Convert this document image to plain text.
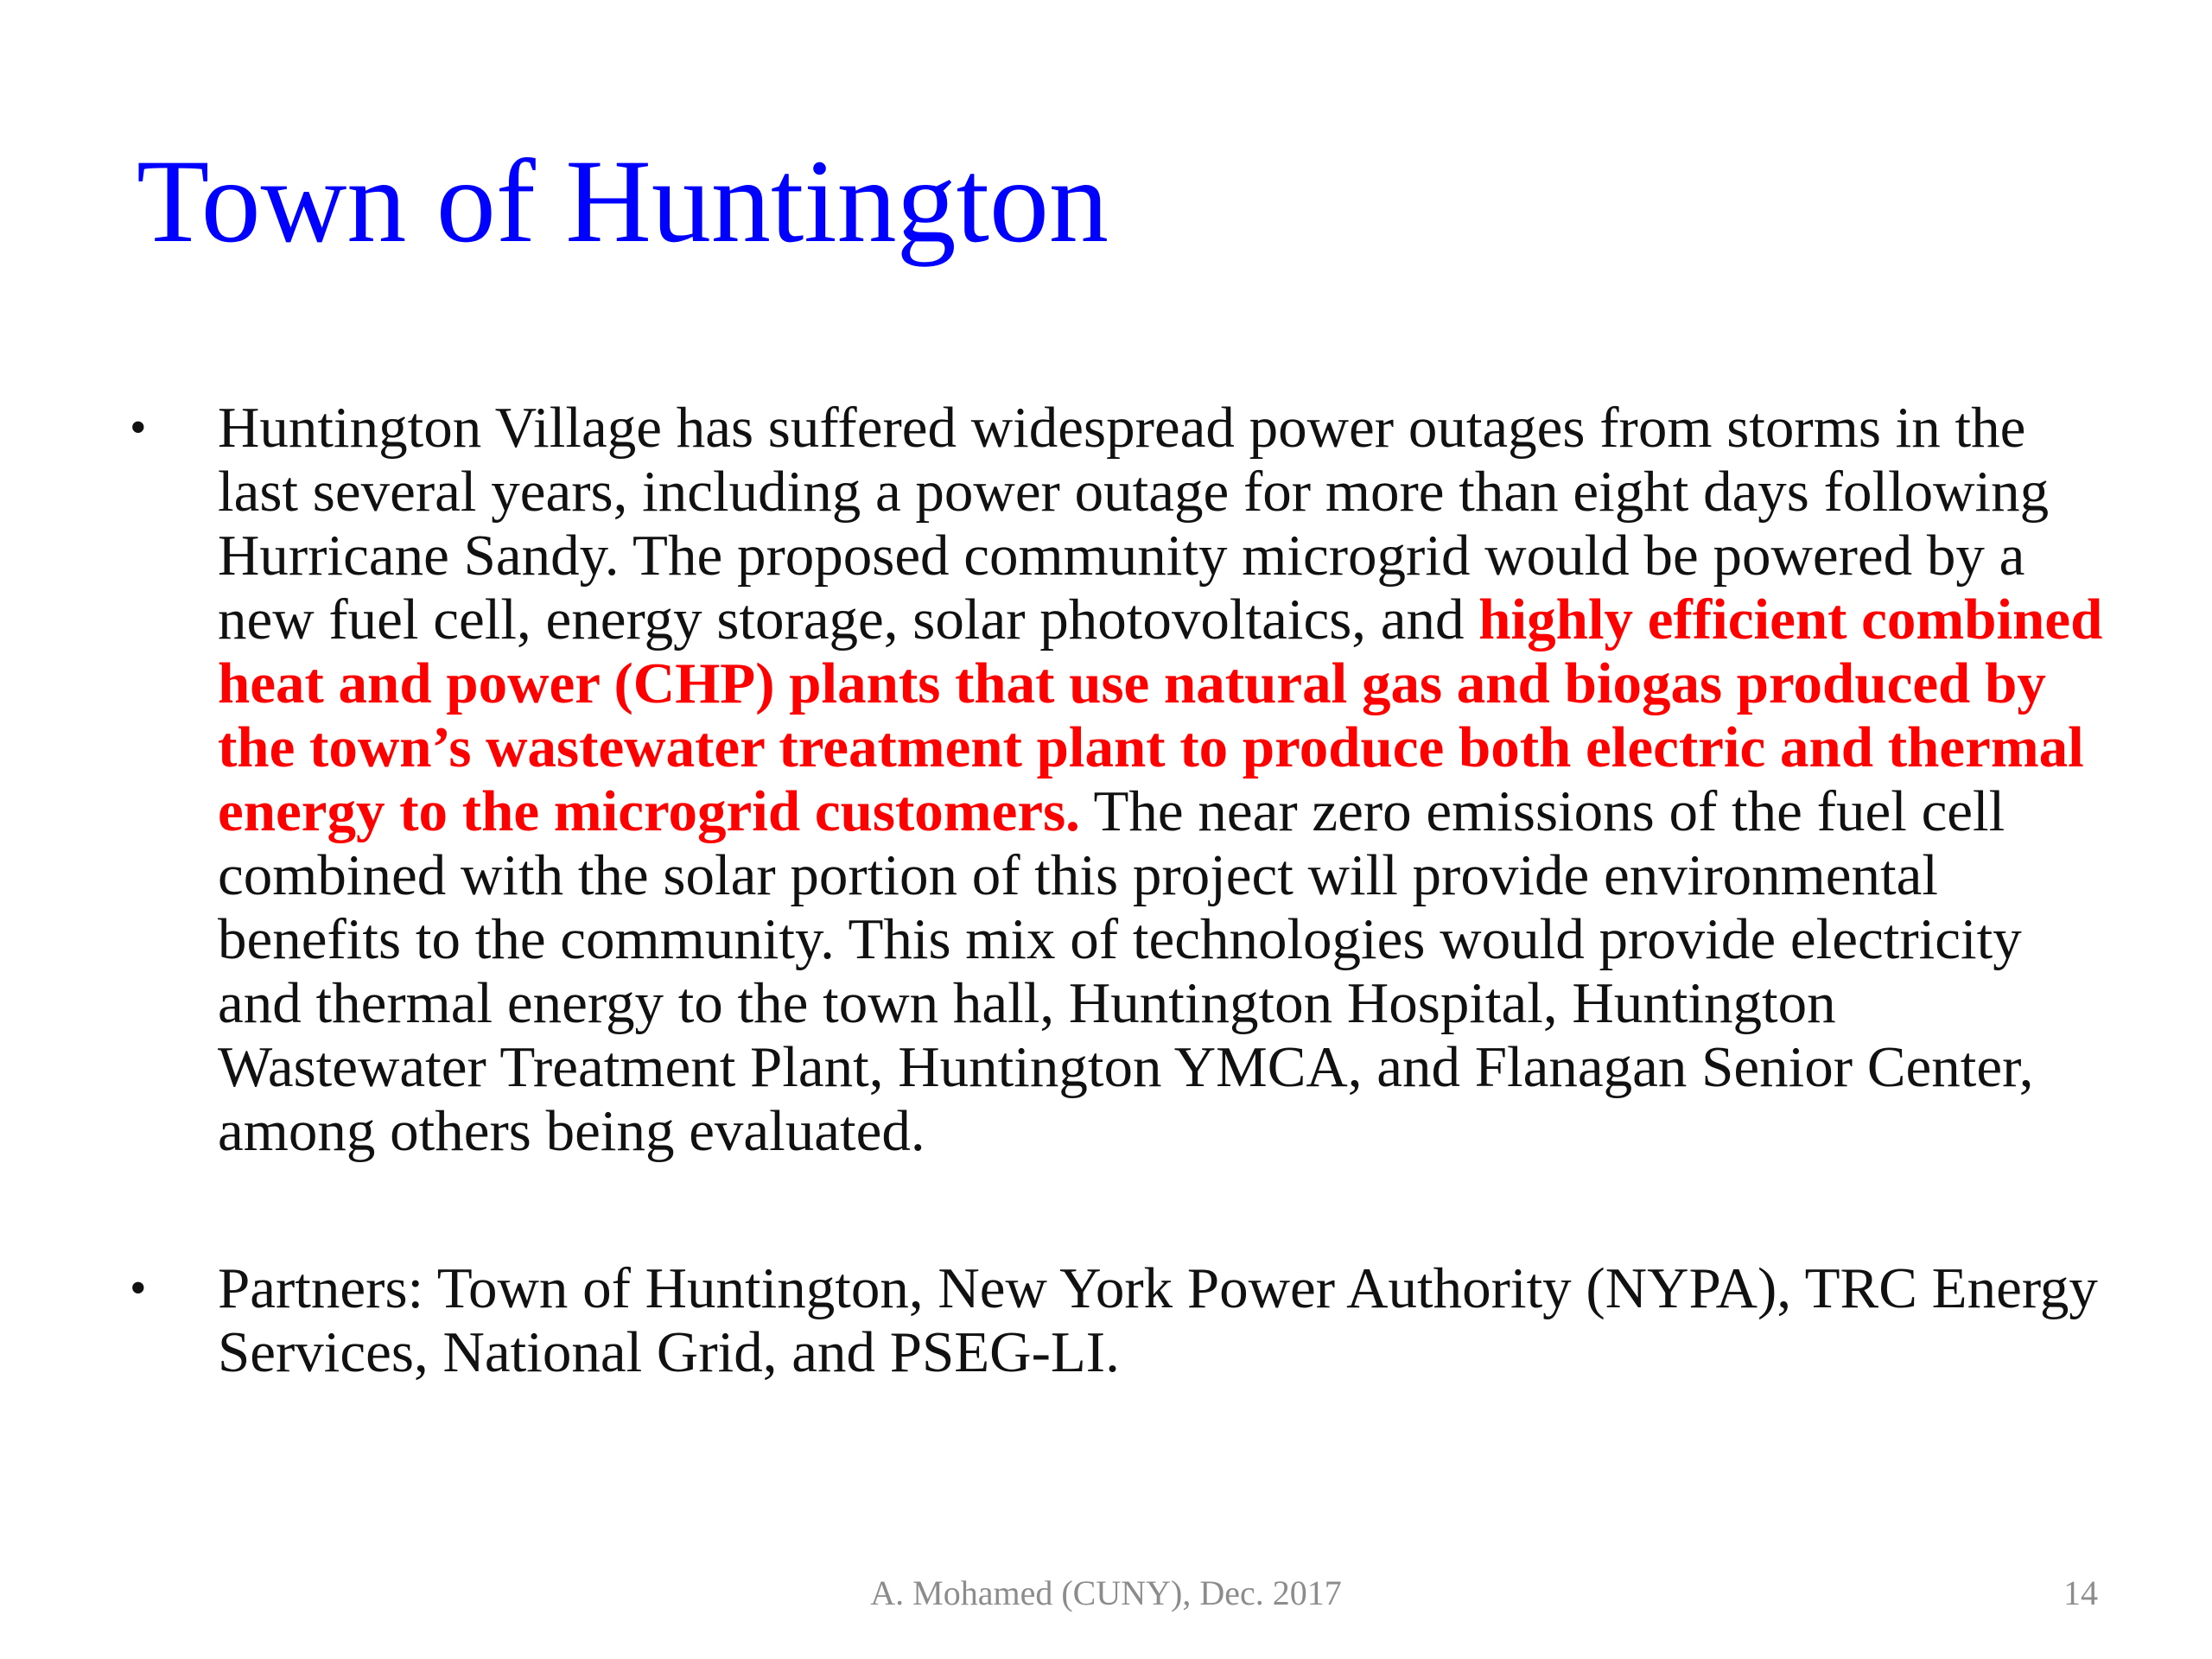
Town of Huntington
•	Huntington Village has suffered widespread power outages from storms in the last several years, including a power outage for more than eight days following Hurricane Sandy. The proposed community microgrid would be powered by a new fuel cell, energy storage, solar photovoltaics, and highly efficient combined heat and power (CHP) plants that use natural gas and biogas produced by the town’s wastewater treatment plant to produce both electric and thermal energy to the microgrid customers. The near zero emissions of the fuel cell combined with the solar portion of this project will provide environmental benefits to the community. This mix of technologies would provide electricity and thermal energy to the town hall, Huntington Hospital, Huntington Wastewater Treatment Plant, Huntington YMCA, and Flanagan Senior Center, among others being evaluated.
•	Partners: Town of Huntington, New York Power Authority (NYPA), TRC Energy Services, National Grid, and PSEG-LI.
A. Mohamed (CUNY), Dec. 2017	14
